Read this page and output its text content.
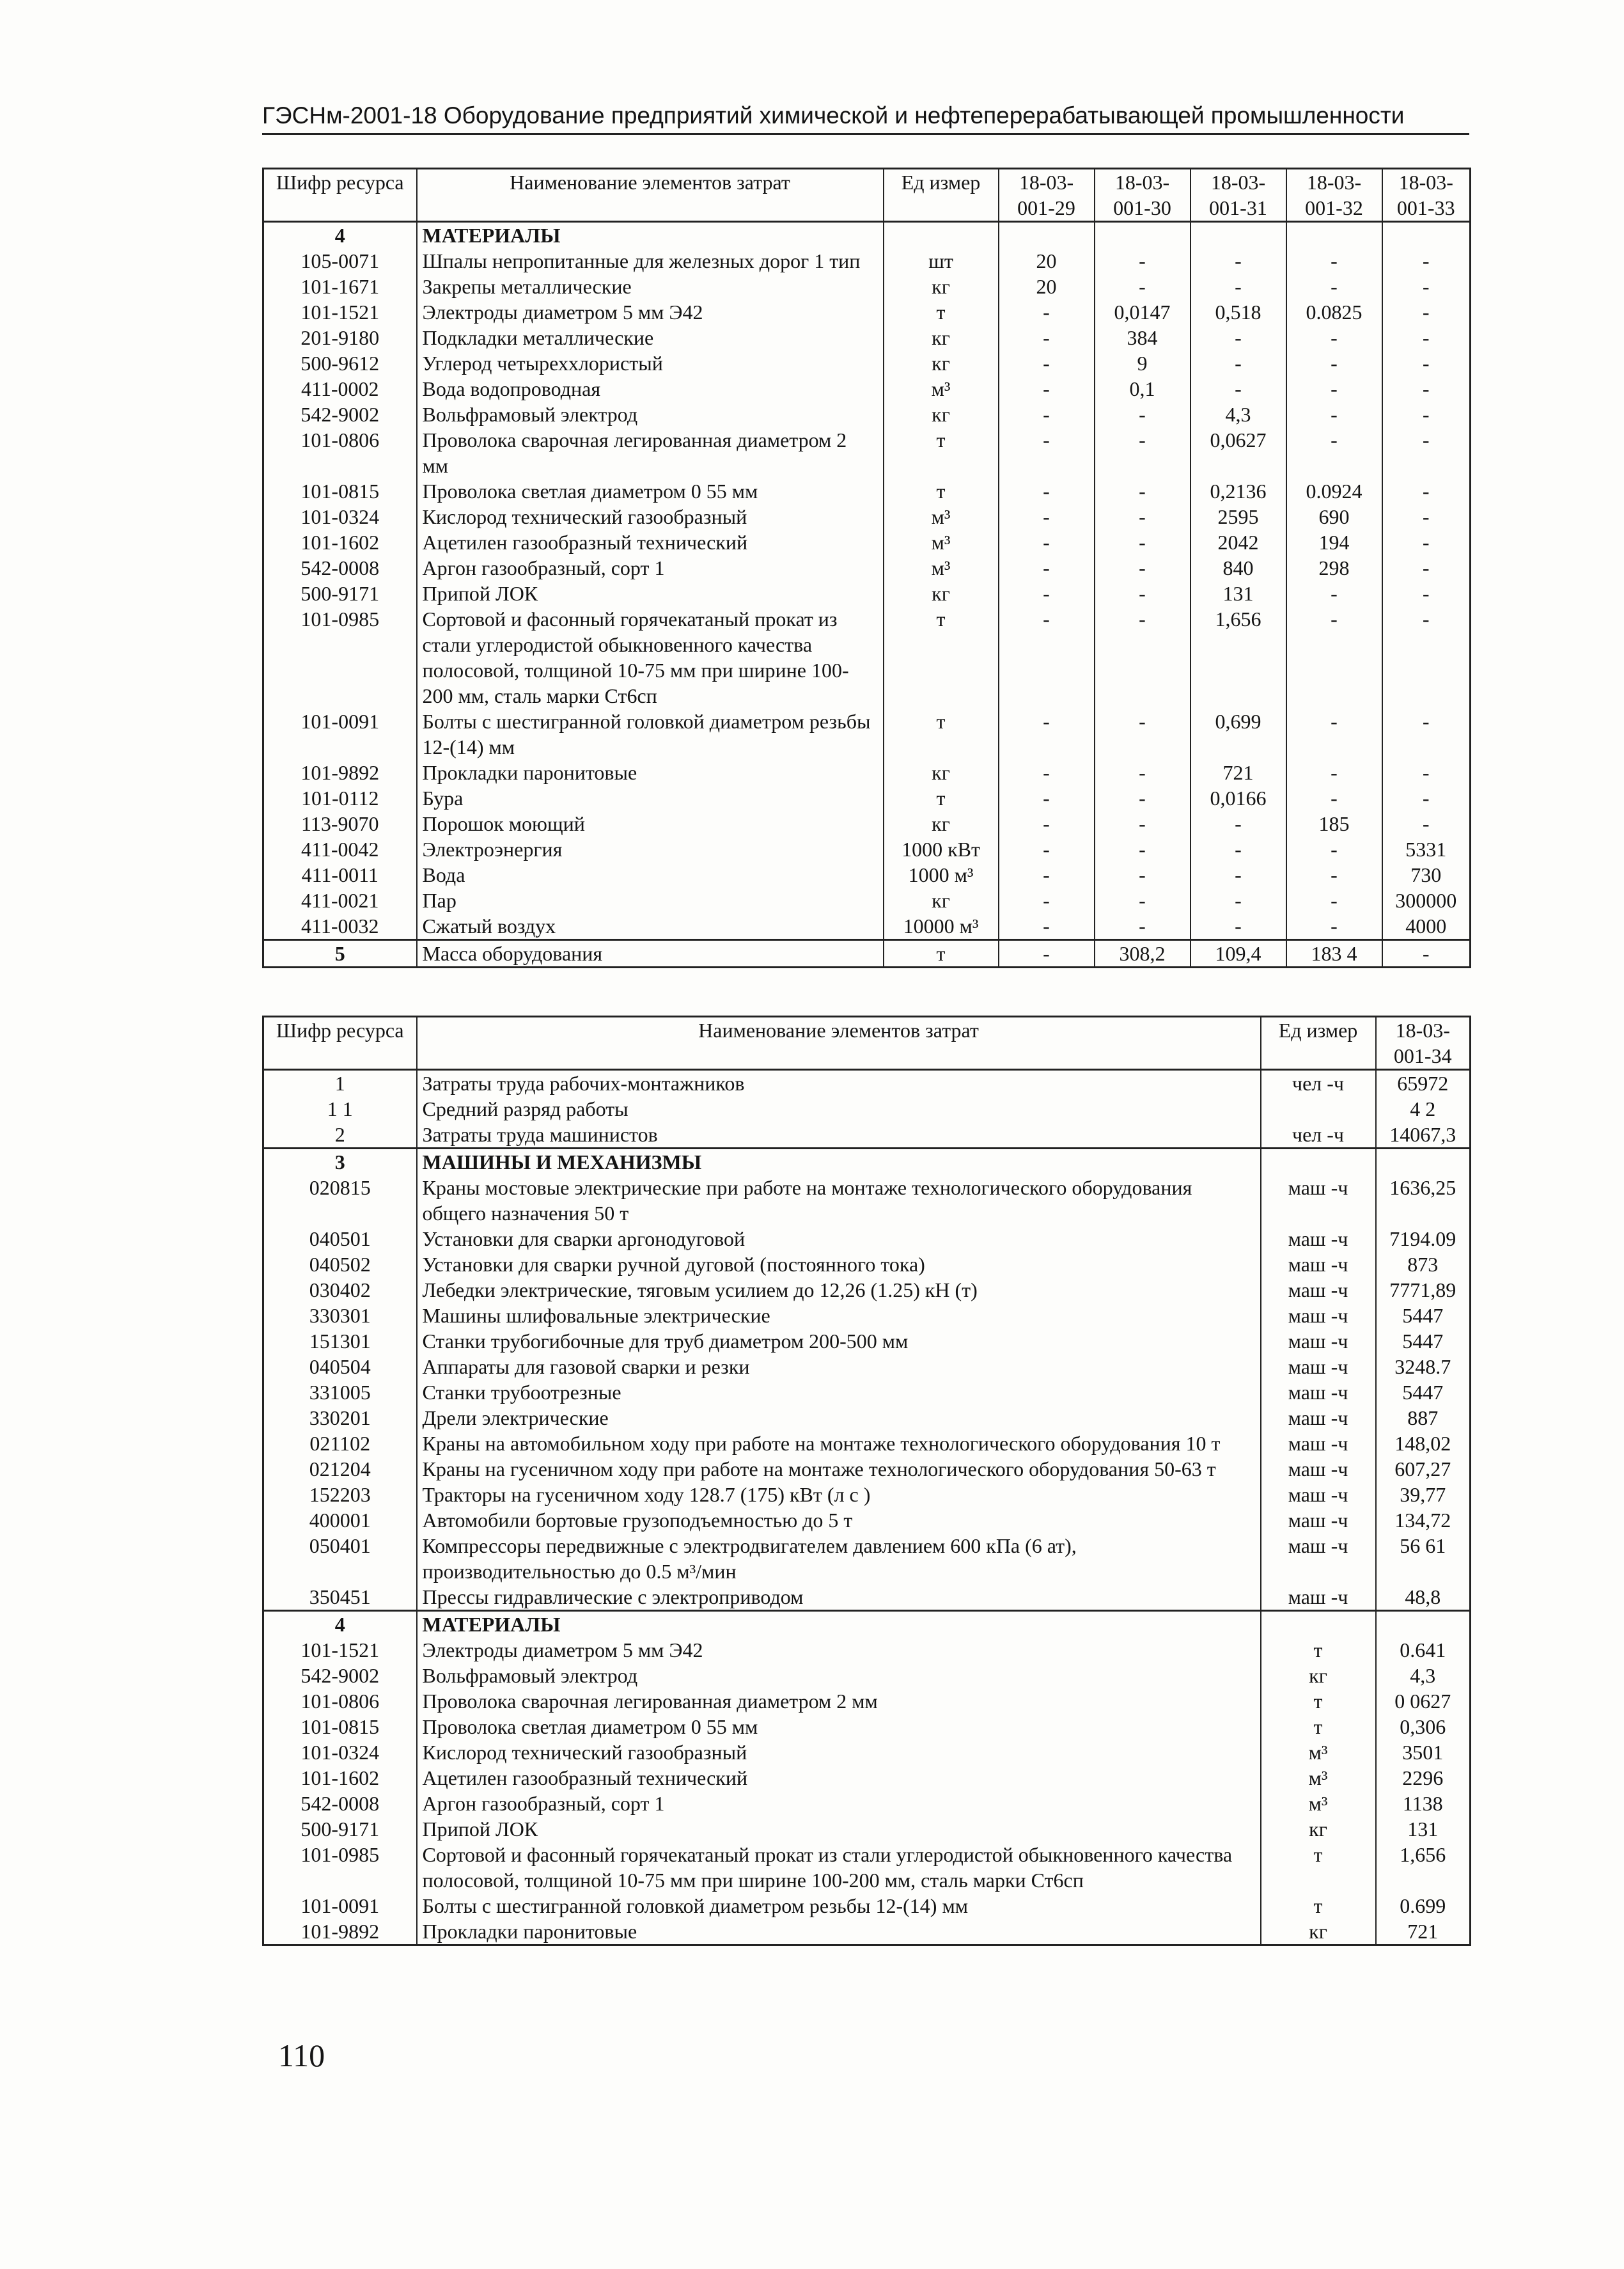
ГЭСНм-2001-18 Оборудование предприятий химической и нефтеперерабатывающей промышленности
Шифр ресурса	Наименование элементов затрат	Ед измер	18-03-001-29	18-03-001-30	18-03-001-31	18-03-001-32	18-03-001-33
4	МАТЕРИАЛЫ						
105-0071	Шпалы непропитанные для железных дорог 1 тип	шт	20	-	-	-	-
101-1671	Закрепы металлические	кг	20	-	-	-	-
101-1521	Электроды диаметром 5 мм Э42	т	-	0,0147	0,518	0.0825	-
201-9180	Подкладки металлические	кг	-	384	-	-	-
500-9612	Углерод четыреххлористый	кг	-	9	-	-	-
411-0002	Вода водопроводная	м³	-	0,1	-	-	-
542-9002	Вольфрамовый электрод	кг	-	-	4,3	-	-
101-0806	Проволока сварочная легированная диаметром 2 мм	т	-	-	0,0627	-	-
101-0815	Проволока светлая диаметром 0 55 мм	т	-	-	0,2136	0.0924	-
101-0324	Кислород технический газообразный	м³	-	-	2595	690	-
101-1602	Ацетилен газообразный технический	м³	-	-	2042	194	-
542-0008	Аргон газообразный, сорт 1	м³	-	-	840	298	-
500-9171	Припой ЛОК	кг	-	-	131	-	-
101-0985	Сортовой и фасонный горячекатаный прокат из стали углеродистой обыкновенного качества полосовой, толщиной 10-75 мм при ширине 100-200 мм, сталь марки Ст6сп	т	-	-	1,656	-	-
101-0091	Болты с шестигранной головкой диаметром резьбы 12-(14) мм	т	-	-	0,699	-	-
101-9892	Прокладки паронитовые	кг	-	-	721	-	-
101-0112	Бура	т	-	-	0,0166	-	-
113-9070	Порошок моющий	кг	-	-	-	185	-
411-0042	Электроэнергия	1000 кВт	-	-	-	-	5331
411-0011	Вода	1000 м³	-	-	-	-	730
411-0021	Пар	кг	-	-	-	-	300000
411-0032	Сжатый воздух	10000 м³	-	-	-	-	4000
5	Масса оборудования	т	-	308,2	109,4	183 4	-
Шифр ресурса	Наименование элементов затрат	Ед измер	18-03-001-34
1	Затраты труда рабочих-монтажников	чел -ч	65972
1 1	Средний разряд работы		4 2
2	Затраты труда машинистов	чел -ч	14067,3
3	МАШИНЫ И МЕХАНИЗМЫ		
020815	Краны мостовые электрические при работе на монтаже технологического оборудования общего назначения 50 т	маш -ч	1636,25
040501	Установки для сварки аргонодуговой	маш -ч	7194.09
040502	Установки для сварки ручной дуговой (постоянного тока)	маш -ч	873
030402	Лебедки электрические, тяговым усилием до 12,26 (1.25) кН (т)	маш -ч	7771,89
330301	Машины шлифовальные электрические	маш -ч	5447
151301	Станки трубогибочные для труб диаметром 200-500 мм	маш -ч	5447
040504	Аппараты для газовой сварки и резки	маш -ч	3248.7
331005	Станки трубоотрезные	маш -ч	5447
330201	Дрели электрические	маш -ч	887
021102	Краны на автомобильном ходу при работе на монтаже технологического оборудования 10 т	маш -ч	148,02
021204	Краны на гусеничном ходу при работе на монтаже технологического оборудования 50-63 т	маш -ч	607,27
152203	Тракторы на гусеничном ходу 128.7 (175) кВт (л с )	маш -ч	39,77
400001	Автомобили бортовые грузоподъемностью до 5 т	маш -ч	134,72
050401	Компрессоры передвижные с электродвигателем давлением 600 кПа (6 ат), производительностью до 0.5 м³/мин	маш -ч	56 61
350451	Прессы гидравлические с электроприводом	маш -ч	48,8
4	МАТЕРИАЛЫ		
101-1521	Электроды диаметром 5 мм Э42	т	0.641
542-9002	Вольфрамовый электрод	кг	4,3
101-0806	Проволока сварочная легированная диаметром 2 мм	т	0 0627
101-0815	Проволока светлая диаметром 0 55 мм	т	0,306
101-0324	Кислород технический газообразный	м³	3501
101-1602	Ацетилен газообразный технический	м³	2296
542-0008	Аргон газообразный, сорт 1	м³	1138
500-9171	Припой ЛОК	кг	131
101-0985	Сортовой и фасонный горячекатаный прокат из стали углеродистой обыкновенного качества полосовой, толщиной 10-75 мм при ширине 100-200 мм, сталь марки Ст6сп	т	1,656
101-0091	Болты с шестигранной головкой диаметром резьбы 12-(14) мм	т	0.699
101-9892	Прокладки паронитовые	кг	721
110
